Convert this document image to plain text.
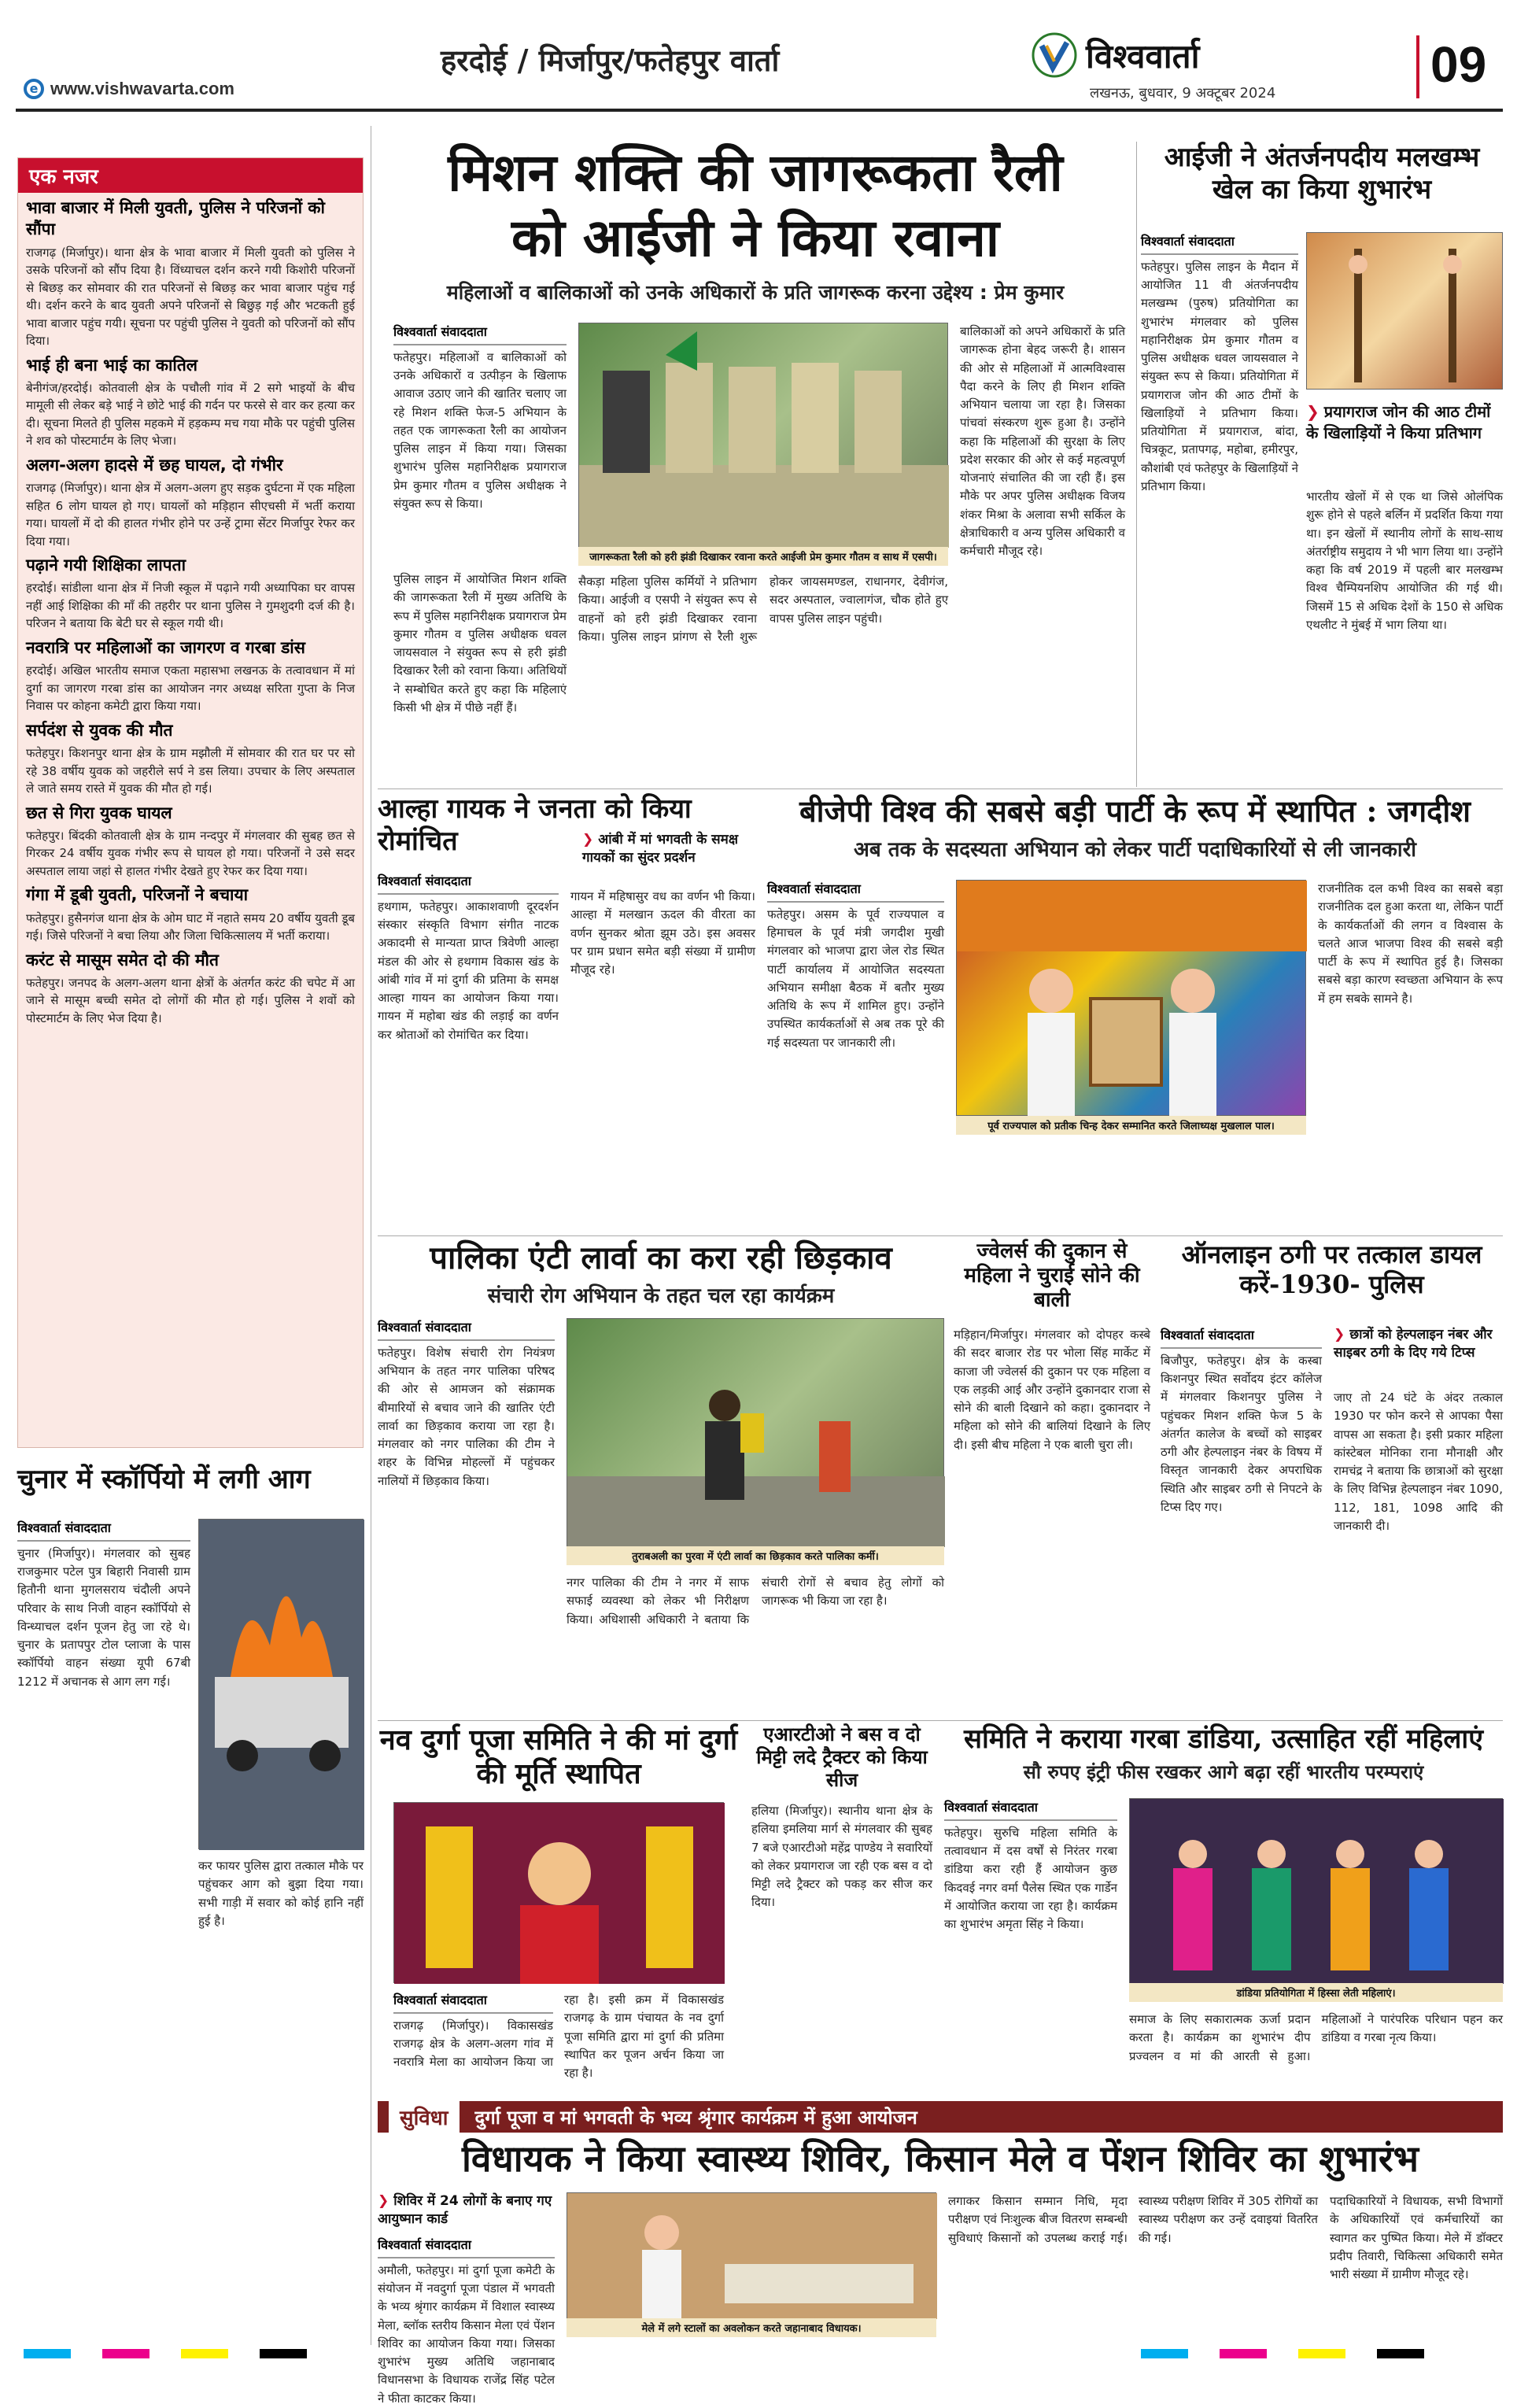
हरदोई / मिर्जापुर/फतेहपुर वार्ता
e www.vishwavarta.com
विश्ववार्ता
लखनऊ, बुधवार, 9 अक्टूबर 2024
09
एक नजर
भावा बाजार में मिली युवती, पुलिस ने परिजनों को सौंपा
राजगढ़ (मिर्जापुर)। थाना क्षेत्र के भावा बाजार में मिली युवती को पुलिस ने उसके परिजनों को सौंप दिया है। विंध्याचल दर्शन करने गयी किशोरी परिजनों से बिछड़ कर सोमवार की रात परिजनों से बिछड़ कर भावा बाजार पहुंच गई थी। दर्शन करने के बाद युवती अपने परिजनों से बिछुड़ गई और भटकती हुई भावा बाजार पहुंच गयी। सूचना पर पहुंची पुलिस ने युवती को परिजनों को सौंप दिया।
भाई ही बना भाई का कातिल
बेनीगंज/हरदोई। कोतवाली क्षेत्र के पचौली गांव में 2 सगे भाइयों के बीच मामूली सी लेकर बड़े भाई ने छोटे भाई की गर्दन पर फरसे से वार कर हत्या कर दी। सूचना मिलते ही पुलिस महकमे में हड़कम्प मच गया मौके पर पहुंची पुलिस ने शव को पोस्टमार्टम के लिए भेजा।
अलग-अलग हादसे में छह घायल, दो गंभीर
राजगढ़ (मिर्जापुर)। थाना क्षेत्र में अलग-अलग हुए सड़क दुर्घटना में एक महिला सहित 6 लोग घायल हो गए। घायलों को मड़िहान सीएचसी में भर्ती कराया गया। घायलों में दो की हालत गंभीर होने पर उन्हें ट्रामा सेंटर मिर्जापुर रेफर कर दिया गया।
पढ़ाने गयी शिक्षिका लापता
हरदोई। सांडीला थाना क्षेत्र में निजी स्कूल में पढ़ाने गयी अध्यापिका घर वापस नहीं आई शिक्षिका की माँ की तहरीर पर थाना पुलिस ने गुमशुदगी दर्ज की है। परिजन ने बताया कि बेटी घर से स्कूल गयी थी।
नवरात्रि पर महिलाओं का जागरण व गरबा डांस
हरदोई। अखिल भारतीय समाज एकता महासभा लखनऊ के तत्वावधान में मां दुर्गा का जागरण गरबा डांस का आयोजन नगर अध्यक्ष सरिता गुप्ता के निज निवास पर कोहना कमेटी द्वारा किया गया।
सर्पदंश से युवक की मौत
फतेहपुर। किशनपुर थाना क्षेत्र के ग्राम मझौली में सोमवार की रात घर पर सो रहे 38 वर्षीय युवक को जहरीले सर्प ने डस लिया। उपचार के लिए अस्पताल ले जाते समय रास्ते में युवक की मौत हो गई।
छत से गिरा युवक घायल
फतेहपुर। बिंदकी कोतवाली क्षेत्र के ग्राम नन्दपुर में मंगलवार की सुबह छत से गिरकर 24 वर्षीय युवक गंभीर रूप से घायल हो गया। परिजनों ने उसे सदर अस्पताल लाया जहां से हालत गंभीर देखते हुए रेफर कर दिया गया।
गंगा में डूबी युवती, परिजनों ने बचाया
फतेहपुर। हुसैनगंज थाना क्षेत्र के ओम घाट में नहाते समय 20 वर्षीय युवती डूब गई। जिसे परिजनों ने बचा लिया और जिला चिकित्सालय में भर्ती कराया।
करंट से मासूम समेत दो की मौत
फतेहपुर। जनपद के अलग-अलग थाना क्षेत्रों के अंतर्गत करंट की चपेट में आ जाने से मासूम बच्ची समेत दो लोगों की मौत हो गई। पुलिस ने शवों को पोस्टमार्टम के लिए भेज दिया है।
मिशन शक्ति की जागरूकता रैली
को आईजी ने किया रवाना
महिलाओं व बालिकाओं को उनके अधिकारों के प्रति जागरूक करना उद्देश्य : प्रेम कुमार
विश्ववार्ता संवाददाता
फतेहपुर। महिलाओं व बालिकाओं को उनके अधिकारों व उत्पीड़न के खिलाफ आवाज उठाए जाने की खातिर चलाए जा रहे मिशन शक्ति फेज-5 अभियान के तहत एक जागरूकता रैली का आयोजन पुलिस लाइन में किया गया। जिसका शुभारंभ पुलिस महानिरीक्षक प्रयागराज प्रेम कुमार गौतम व पुलिस अधीक्षक ने संयुक्त रूप से किया।
जागरूकता रैली को हरी झंडी दिखाकर रवाना करते आईजी प्रेम कुमार गौतम व साथ में एसपी।
बालिकाओं को अपने अधिकारों के प्रति जागरूक होना बेहद जरूरी है। शासन की ओर से महिलाओं में आत्मविश्वास पैदा करने के लिए ही मिशन शक्ति अभियान चलाया जा रहा है। जिसका पांचवां संस्करण शुरू हुआ है। उन्होंने कहा कि महिलाओं की सुरक्षा के लिए प्रदेश सरकार की ओर से कई महत्वपूर्ण योजनाएं संचालित की जा रही हैं। इस मौके पर अपर पुलिस अधीक्षक विजय शंकर मिश्रा के अलावा सभी सर्किल के क्षेत्राधिकारी व अन्य पुलिस अधिकारी व कर्मचारी मौजूद रहे।
पुलिस लाइन में आयोजित मिशन शक्ति की जागरूकता रैली में मुख्य अतिथि के रूप में पुलिस महानिरीक्षक प्रयागराज प्रेम कुमार गौतम व पुलिस अधीक्षक धवल जायसवाल ने संयुक्त रूप से हरी झंडी दिखाकर रैली को रवाना किया। अतिथियों ने सम्बोधित करते हुए कहा कि महिलाएं किसी भी क्षेत्र में पीछे नहीं हैं।
सैकड़ा महिला पुलिस कर्मियों ने प्रतिभाग किया। आईजी व एसपी ने संयुक्त रूप से वाहनों को हरी झंडी दिखाकर रवाना किया। पुलिस लाइन प्रांगण से रैली शुरू होकर जायसमण्डल, राधानगर, देवीगंज, सदर अस्पताल, ज्वालागंज, चौक होते हुए वापस पुलिस लाइन पहुंची।
आईजी ने अंतर्जनपदीय मलखम्भ खेल का किया शुभारंभ
विश्ववार्ता संवाददाता
फतेहपुर। पुलिस लाइन के मैदान में आयोजित 11 वी अंतर्जनपदीय मलखम्भ (पुरुष) प्रतियोगिता का शुभारंभ मंगलवार को पुलिस महानिरीक्षक प्रेम कुमार गौतम व पुलिस अधीक्षक धवल जायसवाल ने संयुक्त रूप से किया। प्रतियोगिता में प्रयागराज जोन की आठ टीमों के खिलाड़ियों ने प्रतिभाग किया। प्रतियोगिता में प्रयागराज, बांदा, चित्रकूट, प्रतापगढ़, महोबा, हमीरपुर, कौशांबी एवं फतेहपुर के खिलाड़ियों ने प्रतिभाग किया।
❯ प्रयागराज जोन की आठ टीमों के खिलाड़ियों ने किया प्रतिभाग
भारतीय खेलों में से एक था जिसे ओलंपिक शुरू होने से पहले बर्लिन में प्रदर्शित किया गया था। इन खेलों में स्थानीय लोगों के साथ-साथ अंतर्राष्ट्रीय समुदाय ने भी भाग लिया था। उन्होंने कहा कि वर्ष 2019 में पहली बार मलखम्भ विश्व चैम्पियनशिप आयोजित की गई थी। जिसमें 15 से अधिक देशों के 150 से अधिक एथलीट ने मुंबई में भाग लिया था।
आल्हा गायक ने जनता को किया रोमांचित	❯ आंबी में मां भगवती के समक्ष गायकों का सुंदर प्रदर्शन
विश्ववार्ता संवाददाता
हथगाम, फतेहपुर। आकाशवाणी दूरदर्शन संस्कार संस्कृति विभाग संगीत नाटक अकादमी से मान्यता प्राप्त त्रिवेणी आल्हा मंडल की ओर से हथगाम विकास खंड के आंबी गांव में मां दुर्गा की प्रतिमा के समक्ष आल्हा गायन का आयोजन किया गया। गायन में महोबा खंड की लड़ाई का वर्णन कर श्रोताओं को रोमांचित कर दिया।
गायन में महिषासुर वध का वर्णन भी किया। आल्हा में मलखान ऊदल की वीरता का वर्णन सुनकर श्रोता झूम उठे। इस अवसर पर ग्राम प्रधान समेत बड़ी संख्या में ग्रामीण मौजूद रहे।
बीजेपी विश्व की सबसे बड़ी पार्टी के रूप में स्थापित : जगदीश
अब तक के सदस्यता अभियान को लेकर पार्टी पदाधिकारियों से ली जानकारी
विश्ववार्ता संवाददाता
फतेहपुर। असम के पूर्व राज्यपाल व हिमाचल के पूर्व मंत्री जगदीश मुखी मंगलवार को भाजपा द्वारा जेल रोड स्थित पार्टी कार्यालय में आयोजित सदस्यता अभियान समीक्षा बैठक में बतौर मुख्य अतिथि के रूप में शामिल हुए। उन्होंने उपस्थित कार्यकर्ताओं से अब तक पूरे की गई सदस्यता पर जानकारी ली।
पूर्व राज्यपाल को प्रतीक चिन्ह देकर सम्मानित करते जिलाध्यक्ष मुखलाल पाल।
राजनीतिक दल कभी विश्व का सबसे बड़ा राजनीतिक दल हुआ करता था, लेकिन पार्टी के कार्यकर्ताओं की लगन व विश्वास के चलते आज भाजपा विश्व की सबसे बड़ी पार्टी के रूप में स्थापित हुई है। जिसका सबसे बड़ा कारण स्वच्छता अभियान के रूप में हम सबके सामने है।
पालिका एंटी लार्वा का करा रही छिड़काव
संचारी रोग अभियान के तहत चल रहा कार्यक्रम
विश्ववार्ता संवाददाता
फतेहपुर। विशेष संचारी रोग नियंत्रण अभियान के तहत नगर पालिका परिषद की ओर से आमजन को संक्रामक बीमारियों से बचाव जाने की खातिर एंटी लार्वा का छिड़काव कराया जा रहा है। मंगलवार को नगर पालिका की टीम ने शहर के विभिन्न मोहल्लों में पहुंचकर नालियों में छिड़काव किया।
तुराबअली का पुरवा में एंटी लार्वा का छिड़काव करते पालिका कर्मी।
नगर पालिका की टीम ने नगर में साफ सफाई व्यवस्था को लेकर भी निरीक्षण किया। अधिशासी अधिकारी ने बताया कि संचारी रोगों से बचाव हेतु लोगों को जागरूक भी किया जा रहा है।
ज्वेलर्स की दुकान से महिला ने चुराई सोने की बाली
मड़िहान/मिर्जापुर। मंगलवार को दोपहर कस्बे की सदर बाजार रोड पर भोला सिंह मार्केट में काजा जी ज्वेलर्स की दुकान पर एक महिला व एक लड़की आई और उन्होंने दुकानदार राजा से सोने की बाली दिखाने को कहा। दुकानदार ने महिला को सोने की बालियां दिखाने के लिए दी। इसी बीच महिला ने एक बाली चुरा ली।
ऑनलाइन ठगी पर तत्काल डायल करें-1930- पुलिस
विश्ववार्ता संवाददाता
बिजौपुर, फतेहपुर। क्षेत्र के कस्बा किशनपुर स्थित सर्वोदय इंटर कॉलेज में मंगलवार किशनपुर पुलिस ने पहुंचकर मिशन शक्ति फेज 5 के अंतर्गत कालेज के बच्चों को साइबर ठगी और हेल्पलाइन नंबर के विषय में विस्तृत जानकारी देकर अपराधिक स्थिति और साइबर ठगी से निपटने के टिप्स दिए गए।
❯ छात्रों को हेल्पलाइन नंबर और साइबर ठगी के दिए गये टिप्स
जाए तो 24 घंटे के अंदर तत्काल 1930 पर फोन करने से आपका पैसा वापस आ सकता है। इसी प्रकार महिला कांस्टेबल मोनिका राना मौनाक्षी और रामचंद्र ने बताया कि छात्राओं को सुरक्षा के लिए विभिन्न हेल्पलाइन नंबर 1090, 112, 181, 1098 आदि की जानकारी दी।
नव दुर्गा पूजा समिति ने की मां दुर्गा की मूर्ति स्थापित
विश्ववार्ता संवाददाता
राजगढ़ (मिर्जापुर)। विकासखंड राजगढ़ क्षेत्र के अलग-अलग गांव में नवरात्रि मेला का आयोजन किया जा रहा है। इसी क्रम में विकासखंड राजगढ़ के ग्राम पंचायत के नव दुर्गा पूजा समिति द्वारा मां दुर्गा की प्रतिमा स्थापित कर पूजन अर्चन किया जा रहा है।
एआरटीओ ने बस व दो मिट्टी लदे ट्रैक्टर को किया सीज
हलिया (मिर्जापुर)। स्थानीय थाना क्षेत्र के हलिया इमलिया मार्ग से मंगलवार की सुबह 7 बजे एआरटीओ महेंद्र पाण्डेय ने सवारियों को लेकर प्रयागराज जा रही एक बस व दो मिट्टी लदे ट्रैक्टर को पकड़ कर सीज कर दिया।
समिति ने कराया गरबा डांडिया, उत्साहित रहीं महिलाएं
सौ रुपए इंट्री फीस रखकर आगे बढ़ा रहीं भारतीय परम्पराएं
विश्ववार्ता संवाददाता
फतेहपुर। सुरुचि महिला समिति के तत्वावधान में दस वर्षों से निरंतर गरबा डांडिया करा रही हैं आयोजन कुछ किदवई नगर वर्मा पैलेस स्थित एक गार्डेन में आयोजित कराया जा रहा है। कार्यक्रम का शुभारंभ अमृता सिंह ने किया।
डांडिया प्रतियोगिता में हिस्सा लेती महिलाएं।
समाज के लिए सकारात्मक ऊर्जा प्रदान करता है। कार्यक्रम का शुभारंभ दीप प्रज्वलन व मां की आरती से हुआ। महिलाओं ने पारंपरिक परिधान पहन कर डांडिया व गरबा नृत्य किया।
चुनार में स्कॉर्पियो में लगी आग
विश्ववार्ता संवाददाता
चुनार (मिर्जापुर)। मंगलवार को सुबह राजकुमार पटेल पुत्र बिहारी निवासी ग्राम हितौनी थाना मुगलसराय चंदौली अपने परिवार के साथ निजी वाहन स्कॉर्पियो से विन्ध्याचल दर्शन पूजन हेतु जा रहे थे। चुनार के प्रतापपुर टोल प्लाजा के पास स्कॉर्पियो वाहन संख्या यूपी 67बी 1212 में अचानक से आग लग गई।
कर फायर पुलिस द्वारा तत्काल मौके पर पहुंचकर आग को बुझा दिया गया। सभी गाड़ी में सवार को कोई हानि नहीं हुई है।
सुविधा	दुर्गा पूजा व मां भगवती के भव्य श्रृंगार कार्यक्रम में हुआ आयोजन
विधायक ने किया स्वास्थ्य शिविर, किसान मेले व पेंशन शिविर का शुभारंभ
❯ शिविर में 24 लोगों के बनाए गए आयुष्मान कार्ड
विश्ववार्ता संवाददाता
अमौली, फतेहपुर। मां दुर्गा पूजा कमेटी के संयोजन में नवदुर्गा पूजा पंडाल में भगवती के भव्य श्रृंगार कार्यक्रम में विशाल स्वास्थ्य मेला, ब्लॉक स्तरीय किसान मेला एवं पेंशन शिविर का आयोजन किया गया। जिसका शुभारंभ मुख्य अतिथि जहानाबाद विधानसभा के विधायक राजेंद्र सिंह पटेल ने फीता काटकर किया।
मेले में लगे स्टालों का अवलोकन करते जहानाबाद विधायक।
लगाकर किसान सम्मान निधि, मृदा परीक्षण एवं निःशुल्क बीज वितरण सम्बन्धी सुविधाएं किसानों को उपलब्ध कराई गई। स्वास्थ्य परीक्षण शिविर में 305 रोगियों का स्वास्थ्य परीक्षण कर उन्हें दवाइयां वितरित की गई।
पदाधिकारियों ने विधायक, सभी विभागों के अधिकारियों एवं कर्मचारियों का स्वागत कर पुष्पित किया। मेले में डॉक्टर प्रदीप तिवारी, चिकित्सा अधिकारी समेत भारी संख्या में ग्रामीण मौजूद रहे।
